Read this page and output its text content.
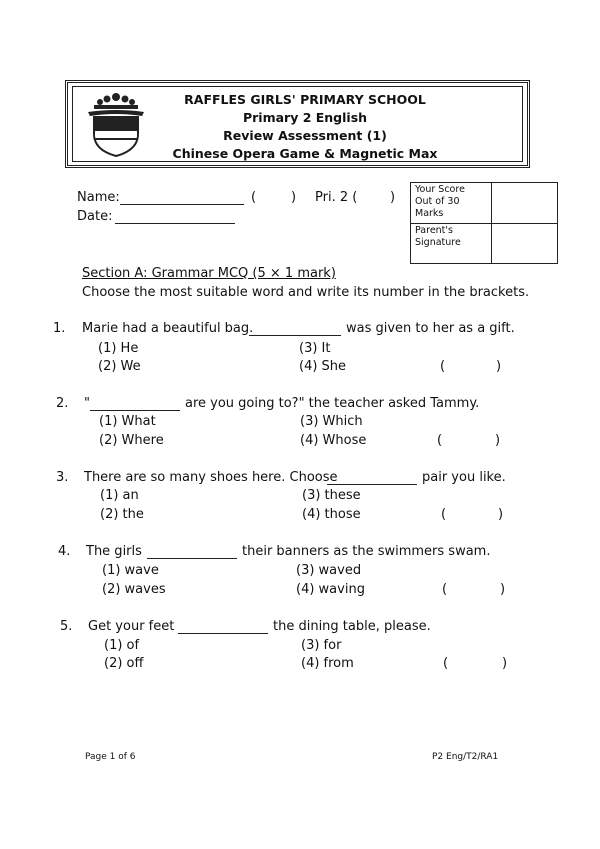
RAFFLES GIRLS' PRIMARY SCHOOL
Primary 2 English
Review Assessment (1)
Chinese Opera Game & Magnetic Max
Name:	(	) Pri. 2 (	)
Date:
Your Score
Out of 30
Marks
Parent's
Signature
Section A: Grammar MCQ (5 × 1 mark)
Choose the most suitable word and write its number in the brackets.
1. Marie had a beautiful bag.	was given to her as a gift.
(1) He
(2) We
(3) It
(4) She	(	)
2. "	are you going to?" the teacher asked Tammy.
(1) What
(2) Where
(3) Which
(4) Whose	(	)
3. There are so many shoes here. Choose	pair you like.
(1) an
(2) the
(3) these
(4) those	(	)
4. The girls	their banners as the swimmers swam.
(1) wave
(2) waves
(3) waved
(4) waving	(	)
5. Get your feet	the dining table, please.
(1) of
(2) off
(3) for
(4) from	(	)
Page 1 of 6	P2 Eng/T2/RA1
